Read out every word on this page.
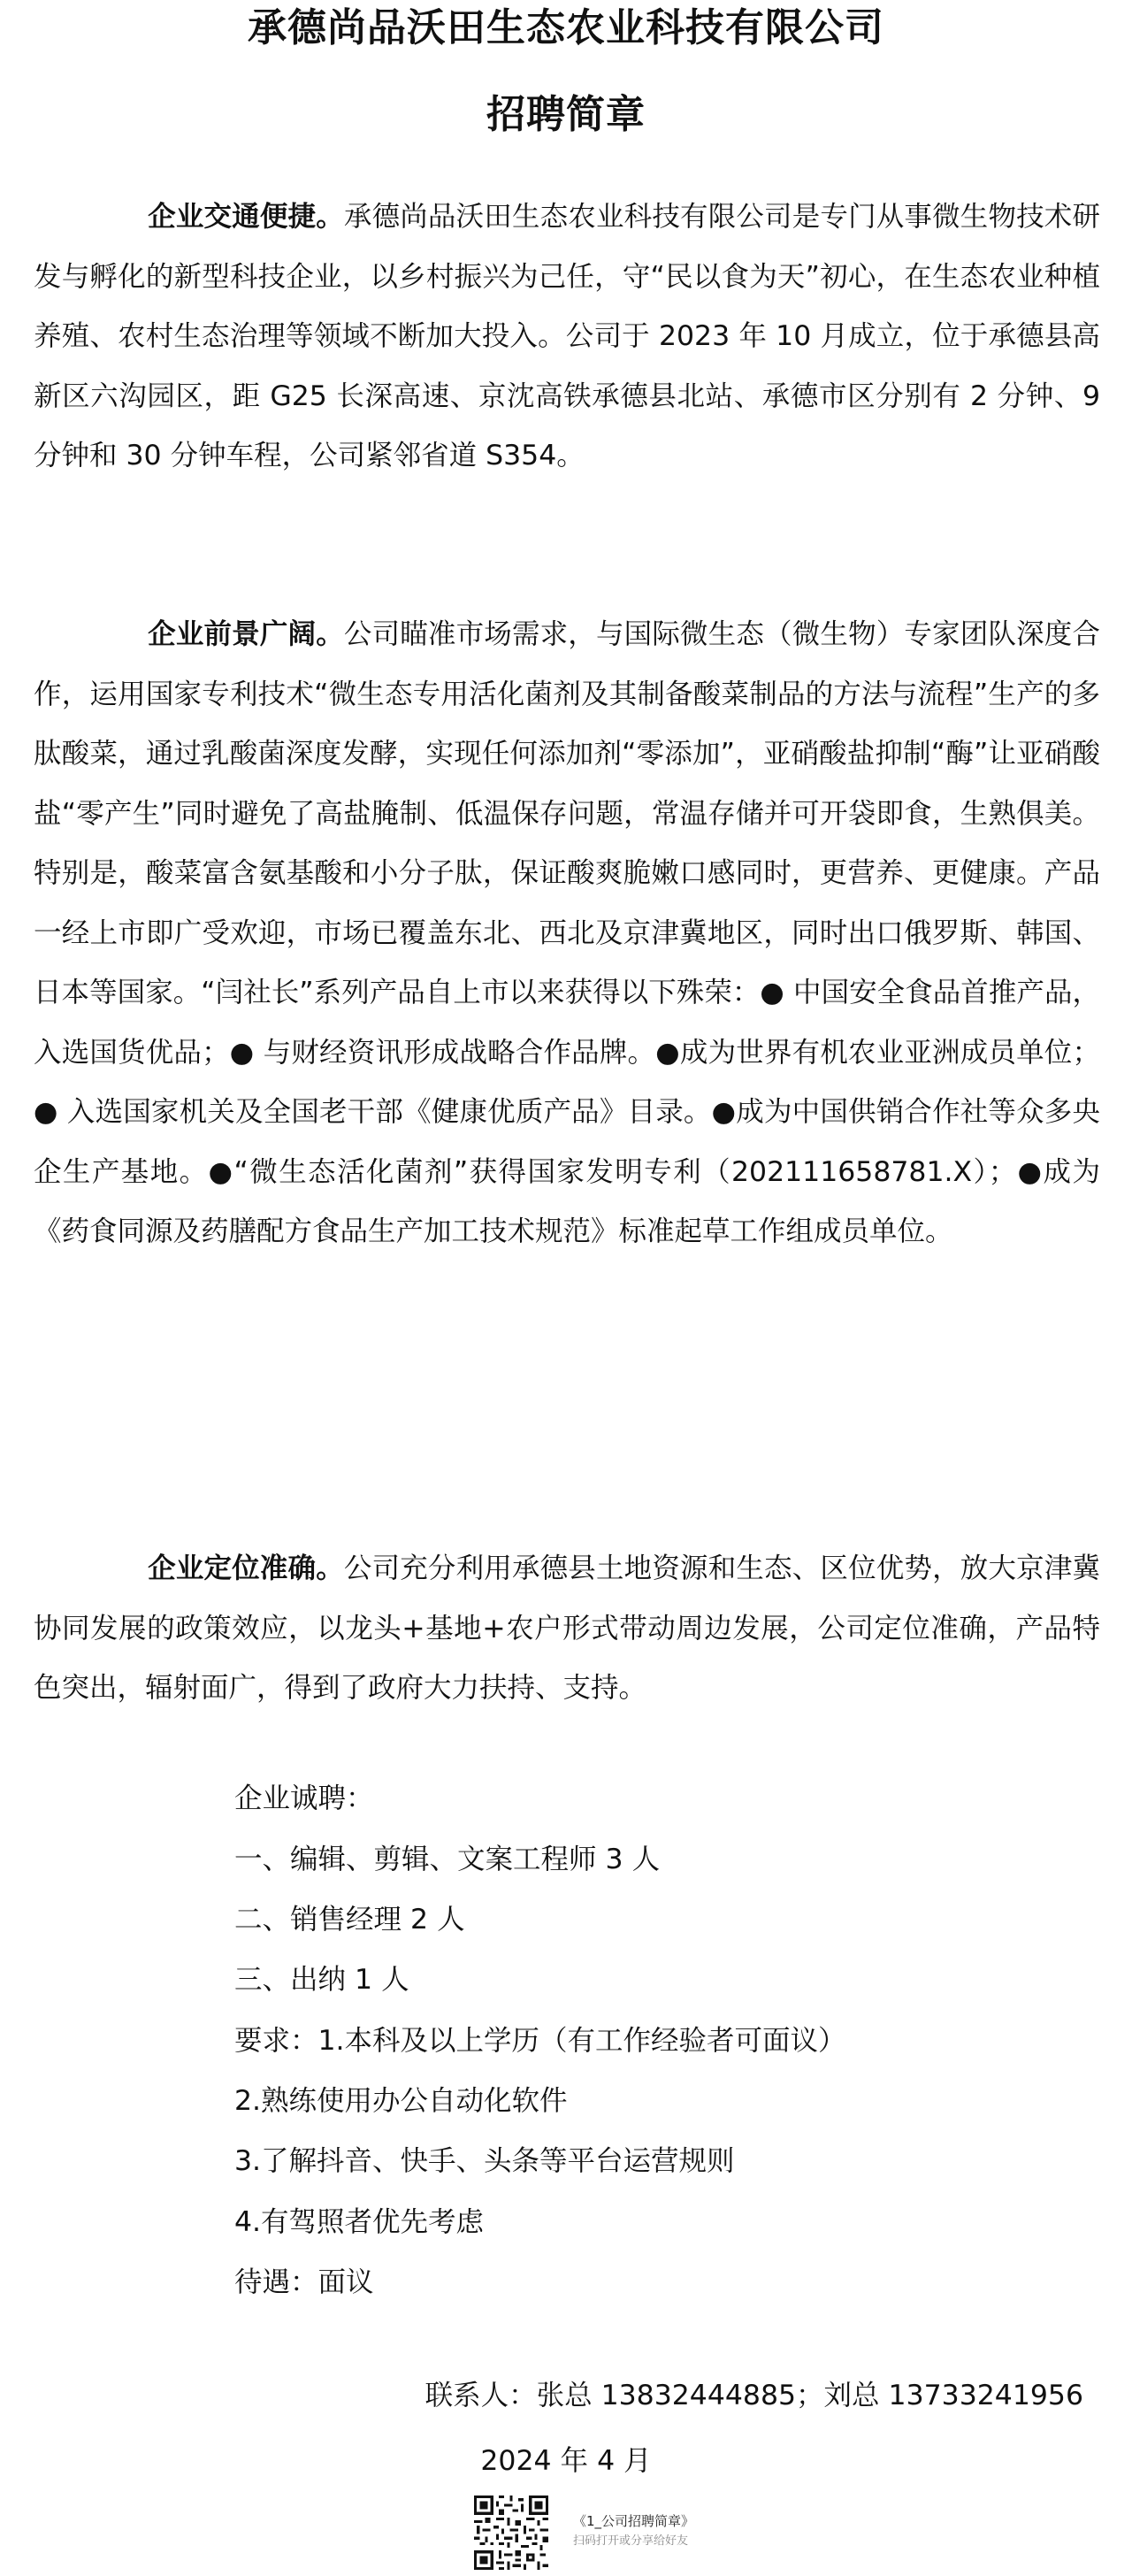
承德尚品沃田生态农业科技有限公司
招聘简章

企业交通便捷。承德尚品沃田生态农业科技有限公司是专门从事微生物技术研发与孵化的新型科技企业，以乡村振兴为己任，守“民以食为天”初心，在生态农业种植养殖、农村生态治理等领域不断加大投入。公司于 2023 年 10 月成立，位于承德县高新区六沟园区，距 G25 长深高速、京沈高铁承德县北站、承德市区分别有 2 分钟、9 分钟和 30 分钟车程，公司紧邻省道 S354。

企业前景广阔。公司瞄准市场需求，与国际微生态（微生物）专家团队深度合作，运用国家专利技术“微生态专用活化菌剂及其制备酸菜制品的方法与流程”生产的多肽酸菜，通过乳酸菌深度发酵，实现任何添加剂“零添加”，亚硝酸盐抑制“酶”让亚硝酸盐“零产生”同时避免了高盐腌制、低温保存问题，常温存储并可开袋即食，生熟俱美。特别是，酸菜富含氨基酸和小分子肽，保证酸爽脆嫩口感同时，更营养、更健康。产品一经上市即广受欢迎，市场已覆盖东北、西北及京津冀地区，同时出口俄罗斯、韩国、日本等国家。“闫社长”系列产品自上市以来获得以下殊荣：● 中国安全食品首推产品，入选国货优品；● 与财经资讯形成战略合作品牌。●成为世界有机农业亚洲成员单位；● 入选国家机关及全国老干部《健康优质产品》目录。●成为中国供销合作社等众多央企生产基地。●“微生态活化菌剂”获得国家发明专利（202111658781.X）；●成为《药食同源及药膳配方食品生产加工技术规范》标准起草工作组成员单位。

企业定位准确。公司充分利用承德县土地资源和生态、区位优势，放大京津冀协同发展的政策效应，以龙头+基地+农户形式带动周边发展，公司定位准确，产品特色突出，辐射面广，得到了政府大力扶持、支持。

企业诚聘：
一、编辑、剪辑、文案工程师 3 人
二、销售经理 2 人
三、出纳 1 人
要求：1.本科及以上学历（有工作经验者可面议）
2.熟练使用办公自动化软件
3.了解抖音、快手、头条等平台运营规则
4.有驾照者优先考虑
待遇：面议
联系人：张总 13832444885；刘总 13733241956
2024 年 4 月
《1_公司招聘简章》
扫码打开或分享给好友
